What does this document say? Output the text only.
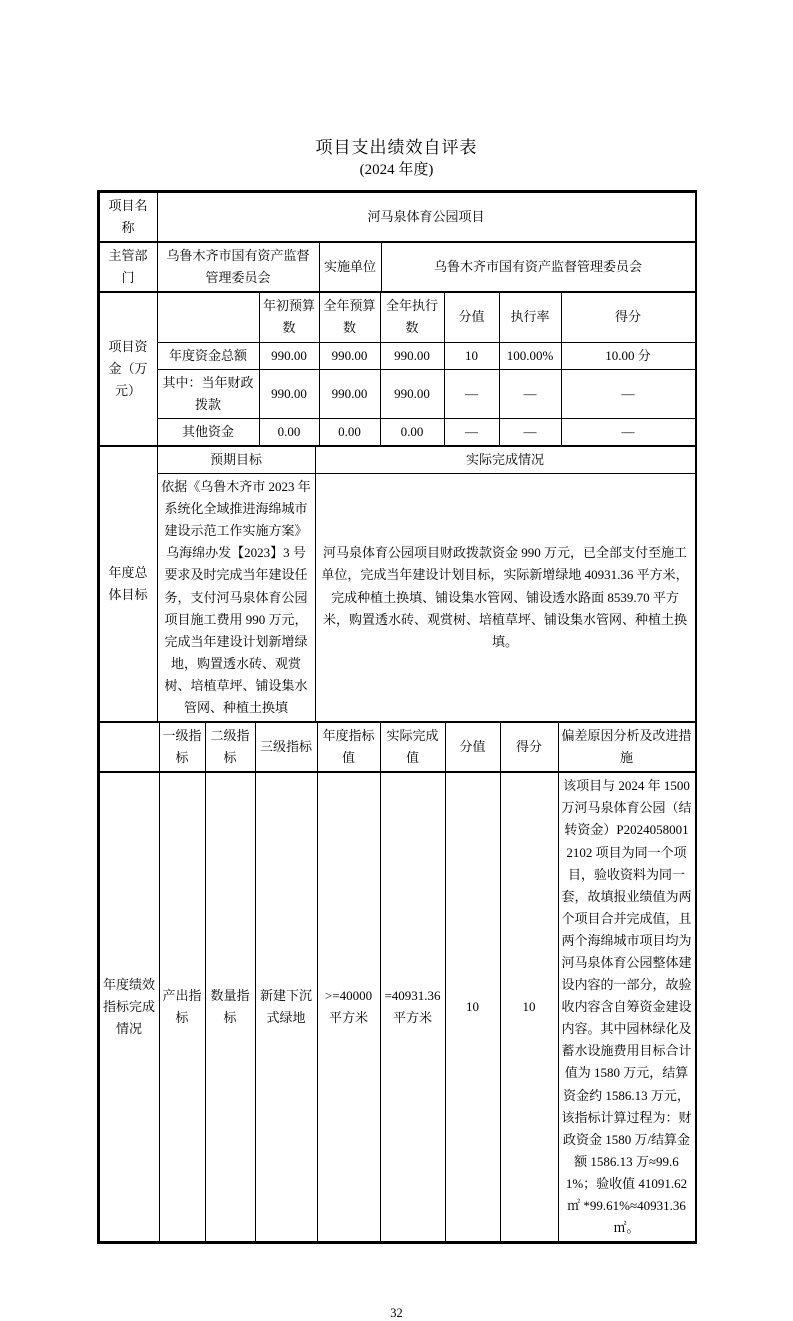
项目支出绩效自评表
(2024 年度)
项目名称	河马泉体育公园项目
主管部门	乌鲁木齐市国有资产监督管理委员会	实施单位	乌鲁木齐市国有资产监督管理委员会
项目资金（万元）		年初预算数	全年预算数	全年执行数	分值	执行率	得分
	年度资金总额	990.00	990.00	990.00	10	100.00%	10.00 分
	其中：当年财政拨款	990.00	990.00	990.00	—	—	—
	其他资金	0.00	0.00	0.00	—	—	—
年度总体目标	预期目标	实际完成情况
	依据《乌鲁木齐市 2023 年系统化全域推进海绵城市建设示范工作实施方案》乌海绵办发【2023】3 号要求及时完成当年建设任务，支付河马泉体育公园项目施工费用 990 万元，完成当年建设计划新增绿地，购置透水砖、观赏树、培植草坪、铺设集水管网、种植土换填	河马泉体育公园项目财政拨款资金 990 万元，已全部支付至施工单位，完成当年建设计划目标，实际新增绿地 40931.36 平方米，完成种植土换填、铺设集水管网、铺设透水路面 8539.70 平方米，购置透水砖、观赏树、培植草坪、铺设集水管网、种植土换填。
	一级指标	二级指标	三级指标	年度指标值	实际完成值	分值	得分	偏差原因分析及改进措施
年度绩效指标完成情况	产出指标	数量指标	新建下沉式绿地	>=40000 平方米	=40931.36 平方米	10	10	该项目与 2024 年 1500 万河马泉体育公园（结转资金）P20240580012102 项目为同一个项目，验收资料为同一套，故填报业绩值为两个项目合并完成值，且两个海绵城市项目均为河马泉体育公园整体建设内容的一部分，故验收内容含自筹资金建设内容。其中园林绿化及蓄水设施费用目标合计值为 1580 万元，结算资金约 1586.13 万元，该指标计算过程为：财政资金 1580 万/结算金额 1586.13 万≈99.61%；验收值 41091.62 ㎡ *99.61%≈40931.36 ㎡。
32
